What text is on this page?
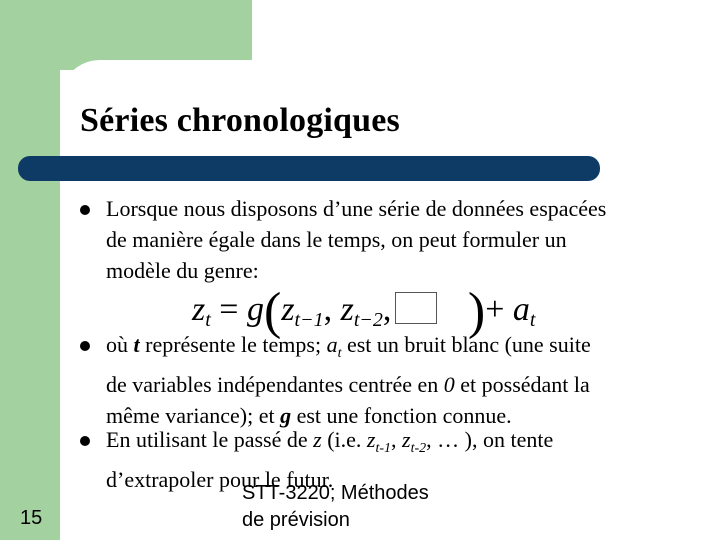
Séries chronologiques
Lorsque nous disposons d’une série de données espacées
de manière égale dans le temps, on peut formuler un
modèle du genre:
$z_t = g(z_{t-1}$, $z_{t-2}$, )+ $a_t$
où t représente le temps; $a_t$ est un bruit blanc (une suite
de variables indépendantes centrée en 0 et possédant la
même variance); et g est une fonction connue.
En utilisant le passé de z (i.e. $z_{t-1}$, $z_{t-2}$, … ), on tente
d’extrapoler pour le futur.
STT-3220; Méthodes
de prévision
15
